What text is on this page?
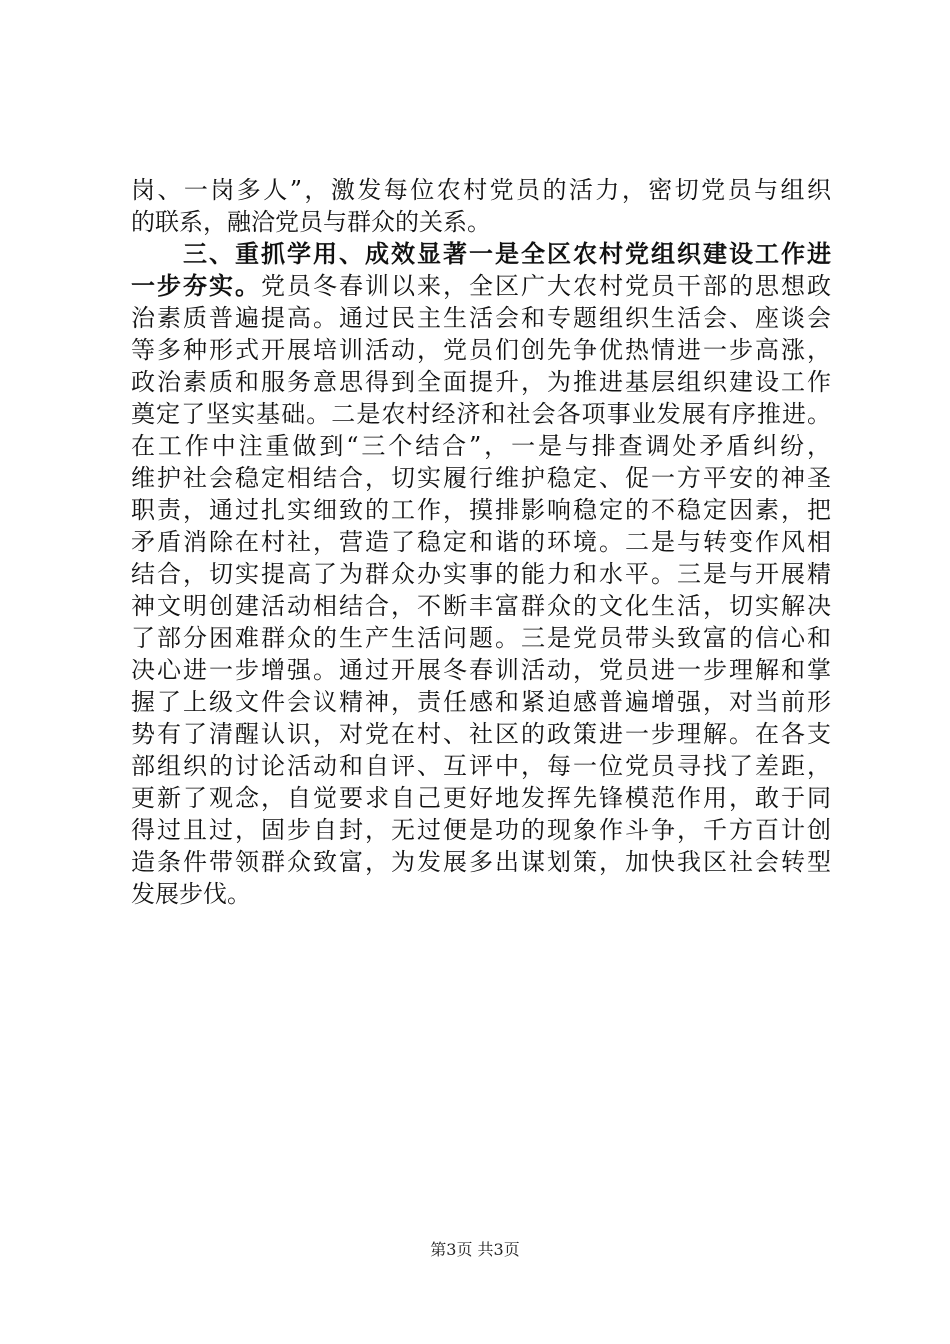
岗、一岗多人”，激发每位农村党员的活力，密切党员与组织
的联系，融洽党员与群众的关系。
　　三、重抓学用、成效显著一是全区农村党组织建设工作进
一步夯实。党员冬春训以来，全区广大农村党员干部的思想政
治素质普遍提高。通过民主生活会和专题组织生活会、座谈会
等多种形式开展培训活动，党员们创先争优热情进一步高涨，
政治素质和服务意思得到全面提升，为推进基层组织建设工作
奠定了坚实基础。二是农村经济和社会各项事业发展有序推进。
在工作中注重做到“三个结合”，一是与排查调处矛盾纠纷，
维护社会稳定相结合，切实履行维护稳定、促一方平安的神圣
职责，通过扎实细致的工作，摸排影响稳定的不稳定因素，把
矛盾消除在村社，营造了稳定和谐的环境。二是与转变作风相
结合，切实提高了为群众办实事的能力和水平。三是与开展精
神文明创建活动相结合，不断丰富群众的文化生活，切实解决
了部分困难群众的生产生活问题。三是党员带头致富的信心和
决心进一步增强。通过开展冬春训活动，党员进一步理解和掌
握了上级文件会议精神，责任感和紧迫感普遍增强，对当前形
势有了清醒认识，对党在村、社区的政策进一步理解。在各支
部组织的讨论活动和自评、互评中，每一位党员寻找了差距，
更新了观念，自觉要求自己更好地发挥先锋模范作用，敢于同
得过且过，固步自封，无过便是功的现象作斗争，千方百计创
造条件带领群众致富，为发展多出谋划策，加快我区社会转型
发展步伐。
第3页 共3页
